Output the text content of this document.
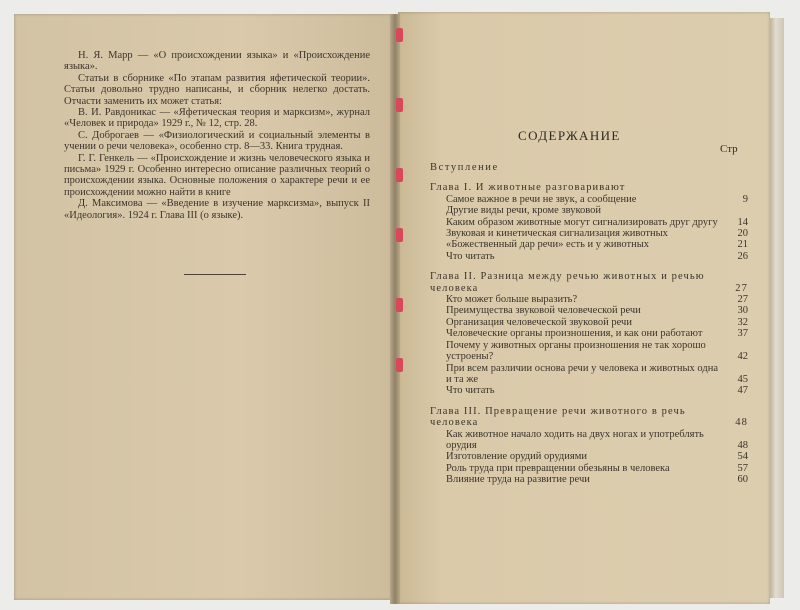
Н. Я. Марр — «О происхождении языка» и «Происхождение языка».

Статьи в сборнике «По этапам развития яфетической теории». Статьи довольно трудно написаны, и сборник нелегко достать. Отчасти заменить их может статья:

В. И. Равдоникас — «Яфетическая теория и марксизм», журнал «Человек и природа» 1929 г., № 12, стр. 28.

С. Доброгаев — «Физиологический и социальный элементы в учении о речи человека», особенно стр. 8—33. Книга трудная.

Г. Г. Генкель — «Происхождение и жизнь человеческого языка и письма» 1929 г. Особенно интересно описание различных теорий о происхождении языка. Основные положения о характере речи и ее происхождении можно найти в книге

Д. Максимова — «Введение в изучение марксизма», выпуск II «Идеология». 1924 г. Глава III (о языке).

СОДЕРЖАНИЕ
Стр
Вступление
Глава I. И животные разговаривают
Самое важное в речи не звук, а сообщение	9
Другие виды речи, кроме звуковой
Каким образом животные могут сигнализировать друг другу	14
Звуковая и кинетическая сигнализация животных	20
«Божественный дар речи» есть и у животных	21
Что читать	26
Глава II. Разница между речью животных и речью человека	27
Кто может больше выразить?	27
Преимущества звуковой человеческой речи	30
Организация человеческой звуковой речи	32
Человеческие органы произношения, и как они работают	37
Почему у животных органы произношения не так хорошо устроены?	42
При всем различии основа речи у человека и животных одна и та же	45
Что читать	47
Глава III. Превращение речи животного в речь человека	48
Как животное начало ходить на двух ногах и употреблять орудия	48
Изготовление орудий орудиями	54
Роль труда при превращении обезьяны в человека	57
Влияние труда на развитие речи	60
